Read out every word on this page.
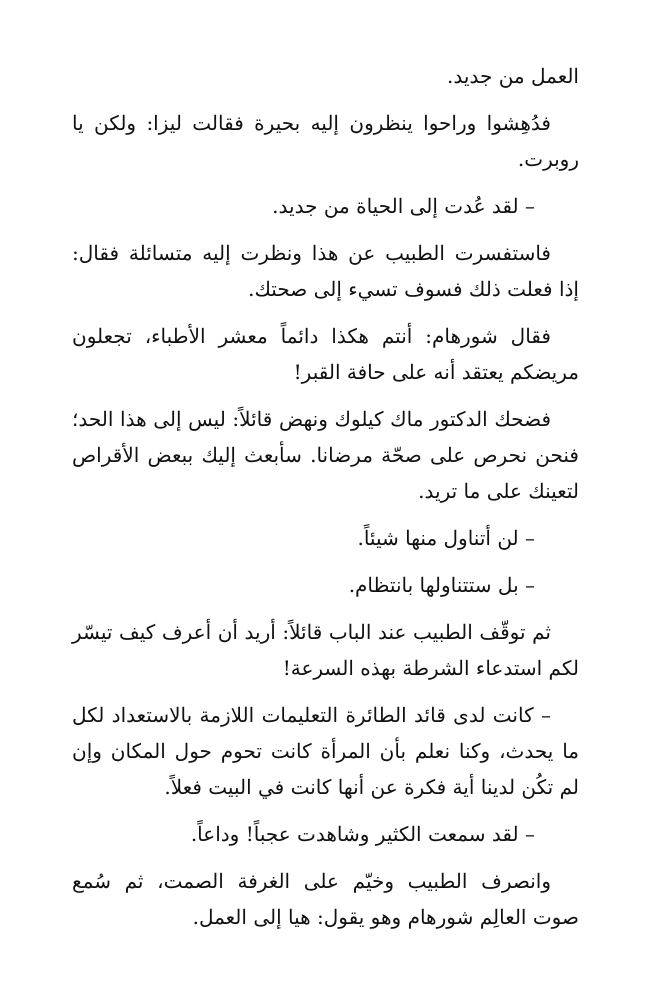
العمل من جديد.

فدُهِشوا وراحوا ينظرون إليه بحيرة فقالت ليزا: ولكن يا روبرت.

– لقد عُدت إلى الحياة من جديد.

فاستفسرت الطبيب عن هذا ونظرت إليه متسائلة فقال: إذا فعلت ذلك فسوف تسيء إلى صحتك.

فقال شورهام: أنتم هكذا دائماً معشر الأطباء، تجعلون مريضكم يعتقد أنه على حافة القبر!

فضحك الدكتور ماك كيلوك ونهض قائلاً: ليس إلى هذا الحد؛ فنحن نحرص على صحّة مرضانا. سأبعث إليك ببعض الأقراص لتعينك على ما تريد.

– لن أتناول منها شيئاً.

– بل ستتناولها بانتظام.

ثم توقّف الطبيب عند الباب قائلاً: أريد أن أعرف كيف تيسّر لكم استدعاء الشرطة بهذه السرعة!

– كانت لدى قائد الطائرة التعليمات اللازمة بالاستعداد لكل ما يحدث، وكنا نعلم بأن المرأة كانت تحوم حول المكان وإن لم تكُن لدينا أية فكرة عن أنها كانت في البيت فعلاً.

– لقد سمعت الكثير وشاهدت عجباً! وداعاً.

وانصرف الطبيب وخيّم على الغرفة الصمت، ثم سُمع صوت العالِم شورهام وهو يقول: هيا إلى العمل.
